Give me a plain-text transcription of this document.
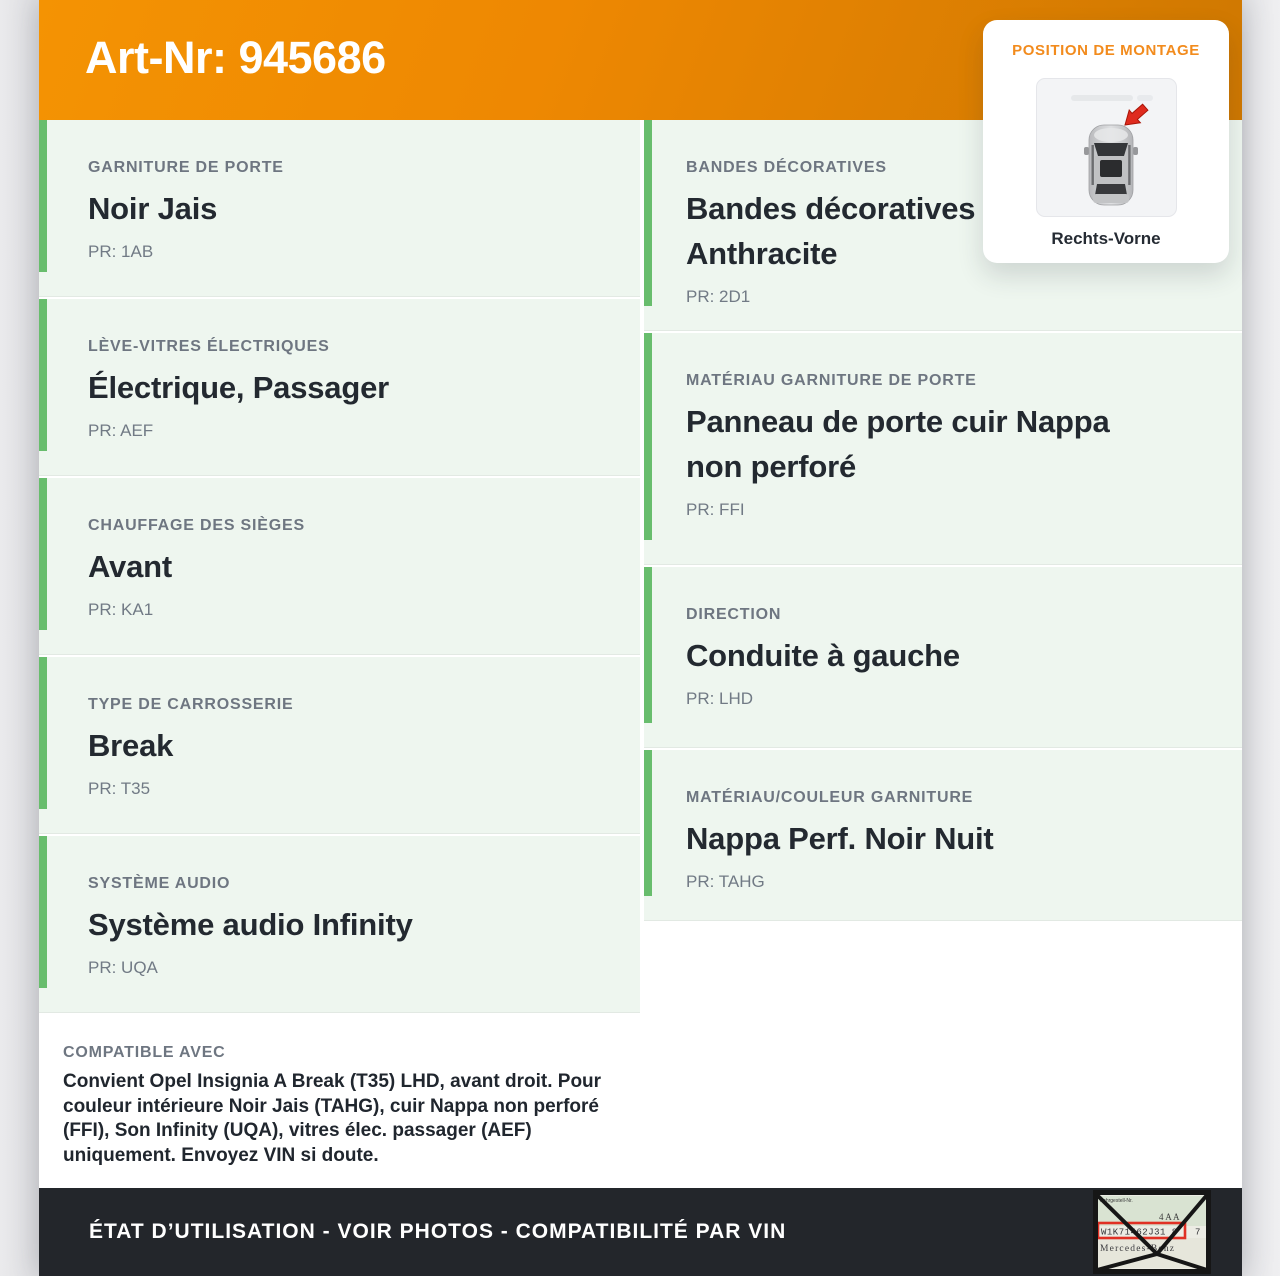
Art-Nr: 945686
GARNITURE DE PORTE
Noir Jais
PR: 1AB
LÈVE-VITRES ÉLECTRIQUES
Électrique, Passager
PR: AEF
CHAUFFAGE DES SIÈGES
Avant
PR: KA1
TYPE DE CARROSSERIE
Break
PR: T35
SYSTÈME AUDIO
Système audio Infinity
PR: UQA
COMPATIBLE AVEC
Convient Opel Insignia A Break (T35) LHD, avant droit. Pour couleur intérieure Noir Jais (TAHG), cuir Nappa non perforé (FFI), Son Infinity (UQA), vitres élec. passager (AEF) uniquement. Envoyez VIN si doute.
BANDES DÉCORATIVES
Bandes décoratives Anthracite
PR: 2D1
MATÉRIAU GARNITURE DE PORTE
Panneau de porte cuir Nappa non perforé
PR: FFI
DIRECTION
Conduite à gauche
PR: LHD
MATÉRIAU/COULEUR GARNITURE
Nappa Perf. Noir Nuit
PR: TAHG
ÉTAT D’UTILISATION - VOIR PHOTOS - COMPATIBILITÉ PAR VIN
Fahrgestell-Nr.
4 A A
W1K71462J31 8 7
Mercedes-Benz
POSITION DE MONTAGE
Rechts-Vorne
